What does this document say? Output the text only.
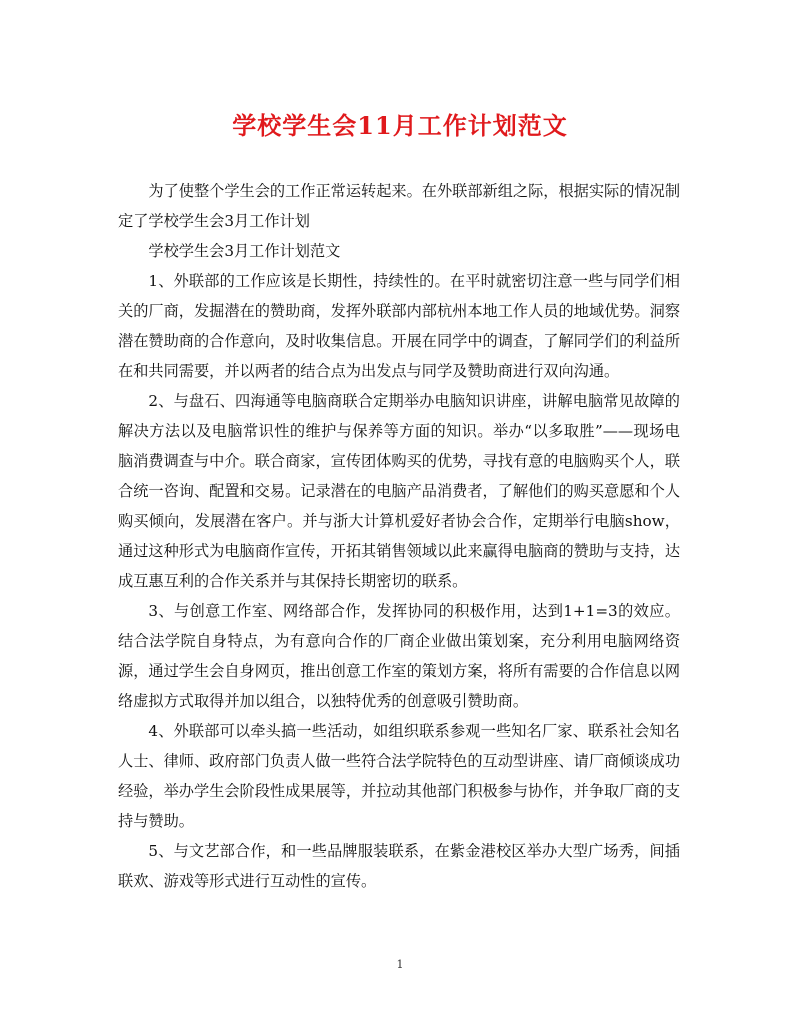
学校学生会11月工作计划范文

为了使整个学生会的工作正常运转起来。在外联部新组之际，根据实际的情况制定了学校学生会3月工作计划

学校学生会3月工作计划范文

1、外联部的工作应该是长期性，持续性的。在平时就密切注意一些与同学们相关的厂商，发掘潜在的赞助商，发挥外联部内部杭州本地工作人员的地域优势。洞察潜在赞助商的合作意向，及时收集信息。开展在同学中的调查，了解同学们的利益所在和共同需要，并以两者的结合点为出发点与同学及赞助商进行双向沟通。

2、与盘石、四海通等电脑商联合定期举办电脑知识讲座，讲解电脑常见故障的解决方法以及电脑常识性的维护与保养等方面的知识。举办“以多取胜”——现场电脑消费调查与中介。联合商家，宣传团体购买的优势，寻找有意的电脑购买个人，联合统一咨询、配置和交易。记录潜在的电脑产品消费者，了解他们的购买意愿和个人购买倾向，发展潜在客户。并与浙大计算机爱好者协会合作，定期举行电脑show，通过这种形式为电脑商作宣传，开拓其销售领域以此来赢得电脑商的赞助与支持，达成互惠互利的合作关系并与其保持长期密切的联系。

3、与创意工作室、网络部合作，发挥协同的积极作用，达到1+1=3的效应。结合法学院自身特点，为有意向合作的厂商企业做出策划案，充分利用电脑网络资源，通过学生会自身网页，推出创意工作室的策划方案，将所有需要的合作信息以网络虚拟方式取得并加以组合，以独特优秀的创意吸引赞助商。

4、外联部可以牵头搞一些活动，如组织联系参观一些知名厂家、联系社会知名人士、律师、政府部门负责人做一些符合法学院特色的互动型讲座、请厂商倾谈成功经验，举办学生会阶段性成果展等，并拉动其他部门积极参与协作，并争取厂商的支持与赞助。

5、与文艺部合作，和一些品牌服装联系，在紫金港校区举办大型广场秀，间插联欢、游戏等形式进行互动性的宣传。

1
